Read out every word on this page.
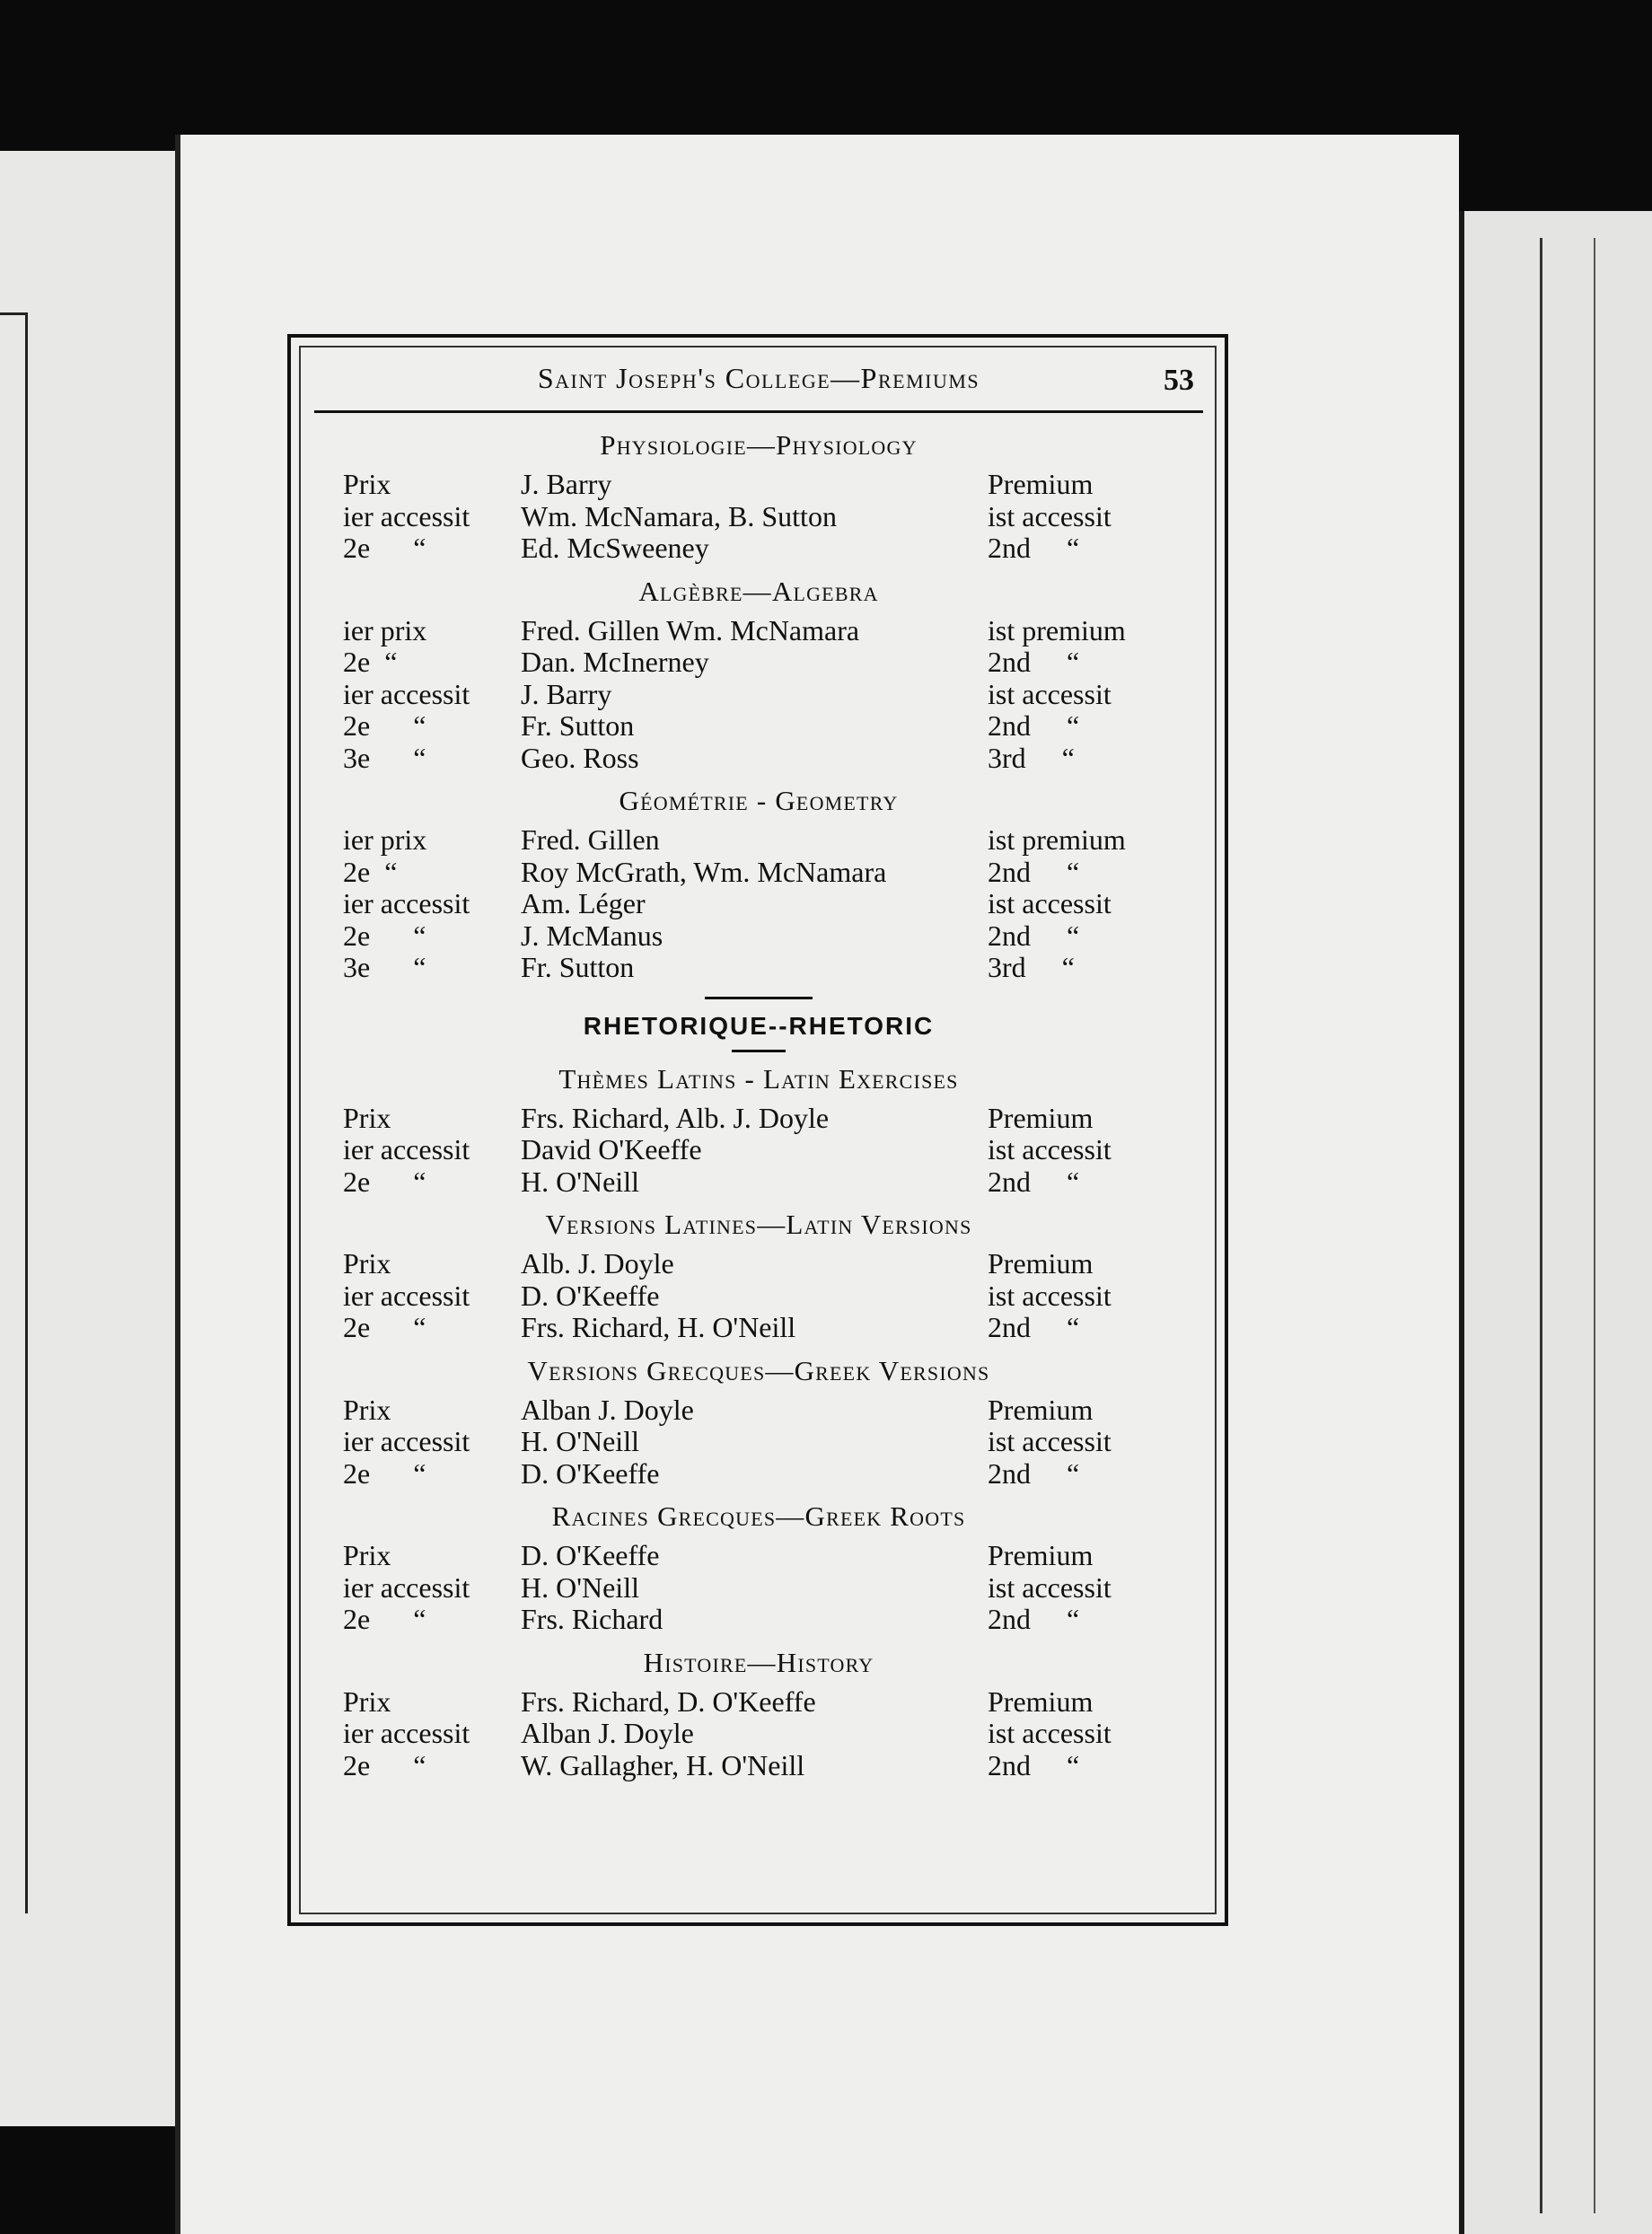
Saint Joseph's College—Premiums	53
Physiologie—Physiology
Prix	J. Barry	Premium
ier accessit	Wm. McNamara, B. Sutton	ist accessit
2e      “	Ed. McSweeney	2nd     “
Algèbre—Algebra
ier prix	Fred. Gillen Wm. McNamara	ist premium
2e  “	Dan. McInerney	2nd     “
ier accessit	J. Barry	ist accessit
2e      “	Fr. Sutton	2nd     “
3e      “	Geo. Ross	3rd     “
Géométrie - Geometry
ier prix	Fred. Gillen	ist premium
2e  “	Roy McGrath, Wm. McNamara	2nd     “
ier accessit	Am. Léger	ist accessit
2e      “	J. McManus	2nd     “
3e      “	Fr. Sutton	3rd     “
RHETORIQUE--RHETORIC
Thèmes Latins - Latin Exercises
Prix	Frs. Richard, Alb. J. Doyle	Premium
ier accessit	David O'Keeffe	ist accessit
2e      “	H. O'Neill	2nd     “
Versions Latines—Latin Versions
Prix	Alb. J. Doyle	Premium
ier accessit	D. O'Keeffe	ist accessit
2e      “	Frs. Richard, H. O'Neill	2nd     “
Versions Grecques—Greek Versions
Prix	Alban J. Doyle	Premium
ier accessit	H. O'Neill	ist accessit
2e      “	D. O'Keeffe	2nd     “
Racines Grecques—Greek Roots
Prix	D. O'Keeffe	Premium
ier accessit	H. O'Neill	ist accessit
2e      “	Frs. Richard	2nd     “
Histoire—History
Prix	Frs. Richard, D. O'Keeffe	Premium
ier accessit	Alban J. Doyle	ist accessit
2e      “	W. Gallagher, H. O'Neill	2nd     “
